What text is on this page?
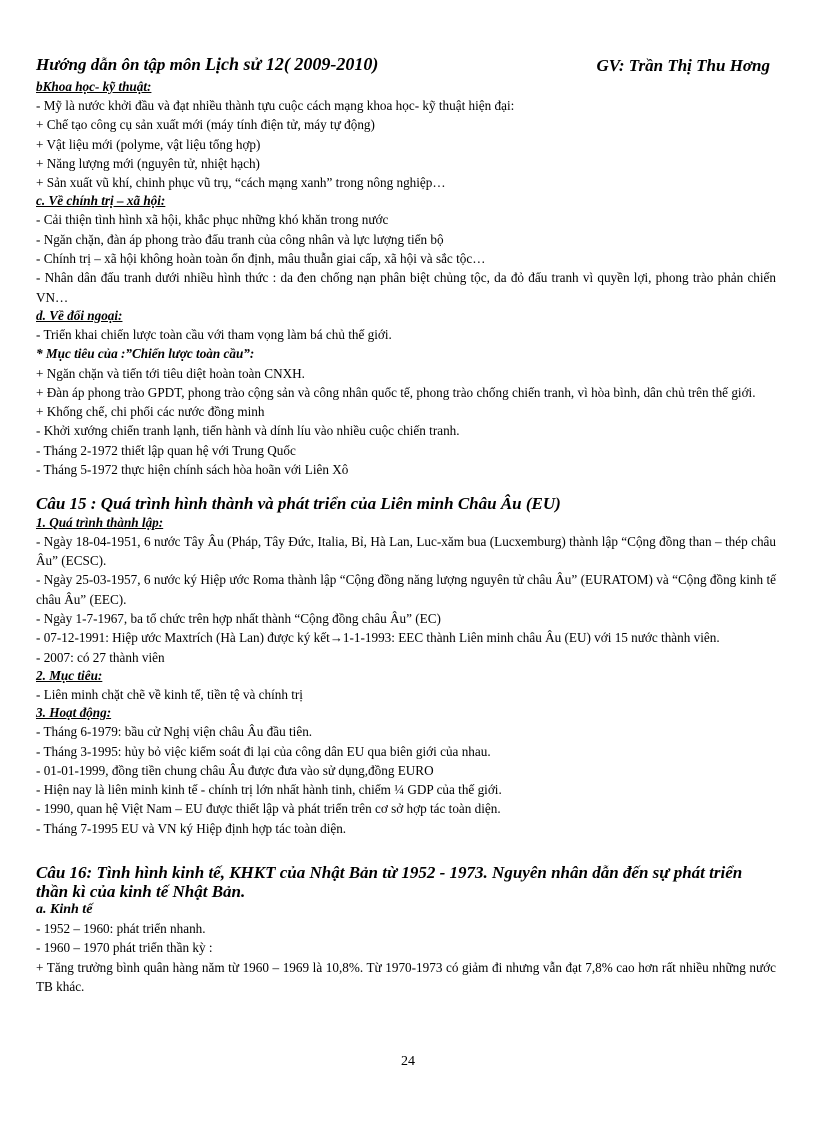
Hướng dẫn ôn tập môn Lịch sử 12( 2009-2010)	GV: Trần Thị Thu Hơng
bKhoa học- kỹ thuật:
- Mỹ là nước khởi đầu và đạt nhiều thành tựu cuộc cách mạng khoa học- kỹ thuật hiện đại:
+ Chế tạo công cụ sản xuất mới (máy tính điện tử, máy tự động)
+ Vật liệu mới (polyme, vật liệu tổng hợp)
+ Năng lượng mới (nguyên tử, nhiệt hạch)
+ Sản xuất vũ khí, chinh phục vũ trụ, “cách mạng xanh” trong nông nghiệp…
c. Về chính trị – xã hội:
- Cải thiện tình hình xã hội, khắc phục những khó khăn trong nước
- Ngăn chặn, đàn áp phong trào đấu tranh của công nhân và lực lượng tiến bộ
- Chính trị – xã hội không hoàn toàn ổn định, mâu thuẫn giai cấp, xã hội và sắc tộc…
- Nhân dân đấu tranh dưới nhiều hình thức : da đen chống nạn phân biệt chủng tộc, da đỏ đấu tranh vì quyền lợi, phong trào phản chiến VN…
d. Về đối ngoại:
- Triển khai chiến lược toàn cầu với tham vọng làm bá chủ thế giới.
* Mục tiêu của :”Chiến lược toàn cầu”:
+ Ngăn chặn và tiến tới tiêu diệt hoàn toàn CNXH.
+ Đàn áp phong trào GPDT, phong trào cộng sản và công nhân quốc tế, phong trào chống chiến tranh, vì hòa bình, dân chủ trên thế giới.
+ Khống chế, chi phối các nước đồng minh
- Khởi xướng chiến tranh lạnh, tiến hành và dính líu vào nhiều cuộc chiến tranh.
- Tháng 2-1972 thiết lập quan hệ với Trung Quốc
- Tháng 5-1972 thực hiện chính sách hòa hoãn với Liên Xô
Câu 15 : Quá trình hình thành và phát triển của Liên minh Châu Âu (EU)
1. Quá trình thành lập:
- Ngày 18-04-1951, 6 nước Tây Âu (Pháp, Tây Đức, Italia, Bỉ, Hà Lan, Luc-xăm bua (Lucxemburg) thành lập “Cộng đồng than – thép châu Âu” (ECSC).
- Ngày 25-03-1957, 6 nước ký Hiệp ước Roma thành lập “Cộng đồng năng lượng nguyên tử châu Âu” (EURATOM) và “Cộng đồng kinh tế châu Âu” (EEC).
- Ngày 1-7-1967, ba tổ chức trên hợp nhất thành “Cộng đồng châu Âu” (EC)
- 07-12-1991: Hiệp ước Maxtrích (Hà Lan) được ký kết→1-1-1993: EEC thành Liên minh châu Âu (EU) với 15 nước thành viên.
- 2007: có 27 thành viên
2. Mục tiêu:
- Liên minh chặt chẽ về kinh tế, tiền tệ và chính trị
3. Hoạt động:
- Tháng 6-1979: bầu cử Nghị viện châu Âu đầu tiên.
- Tháng 3-1995: hủy bỏ việc kiểm soát đi lại của công dân EU qua biên giới của nhau.
- 01-01-1999, đồng tiền chung châu Âu được đưa vào sử dụng,đồng EURO
- Hiện nay là liên minh kinh tế - chính trị lớn nhất hành tinh, chiếm ¼ GDP của thế giới.
- 1990, quan hệ Việt Nam – EU được thiết lập và phát triển trên cơ sở hợp tác toàn diện.
- Tháng 7-1995 EU và VN ký Hiệp định hợp tác toàn diện.
Câu 16: Tình hình kinh tế, KHKT của Nhật Bản từ 1952 - 1973. Nguyên nhân dẫn đến sự phát triển thần kì của kinh tế Nhật Bản.
a. Kinh tế
- 1952 – 1960: phát triển nhanh.
- 1960 – 1970 phát triển thần kỳ :
+ Tăng trưởng bình quân hàng năm từ 1960 – 1969 là 10,8%. Từ 1970-1973 có giảm đi nhưng vẫn đạt 7,8% cao hơn rất nhiều những nước TB khác.
24
